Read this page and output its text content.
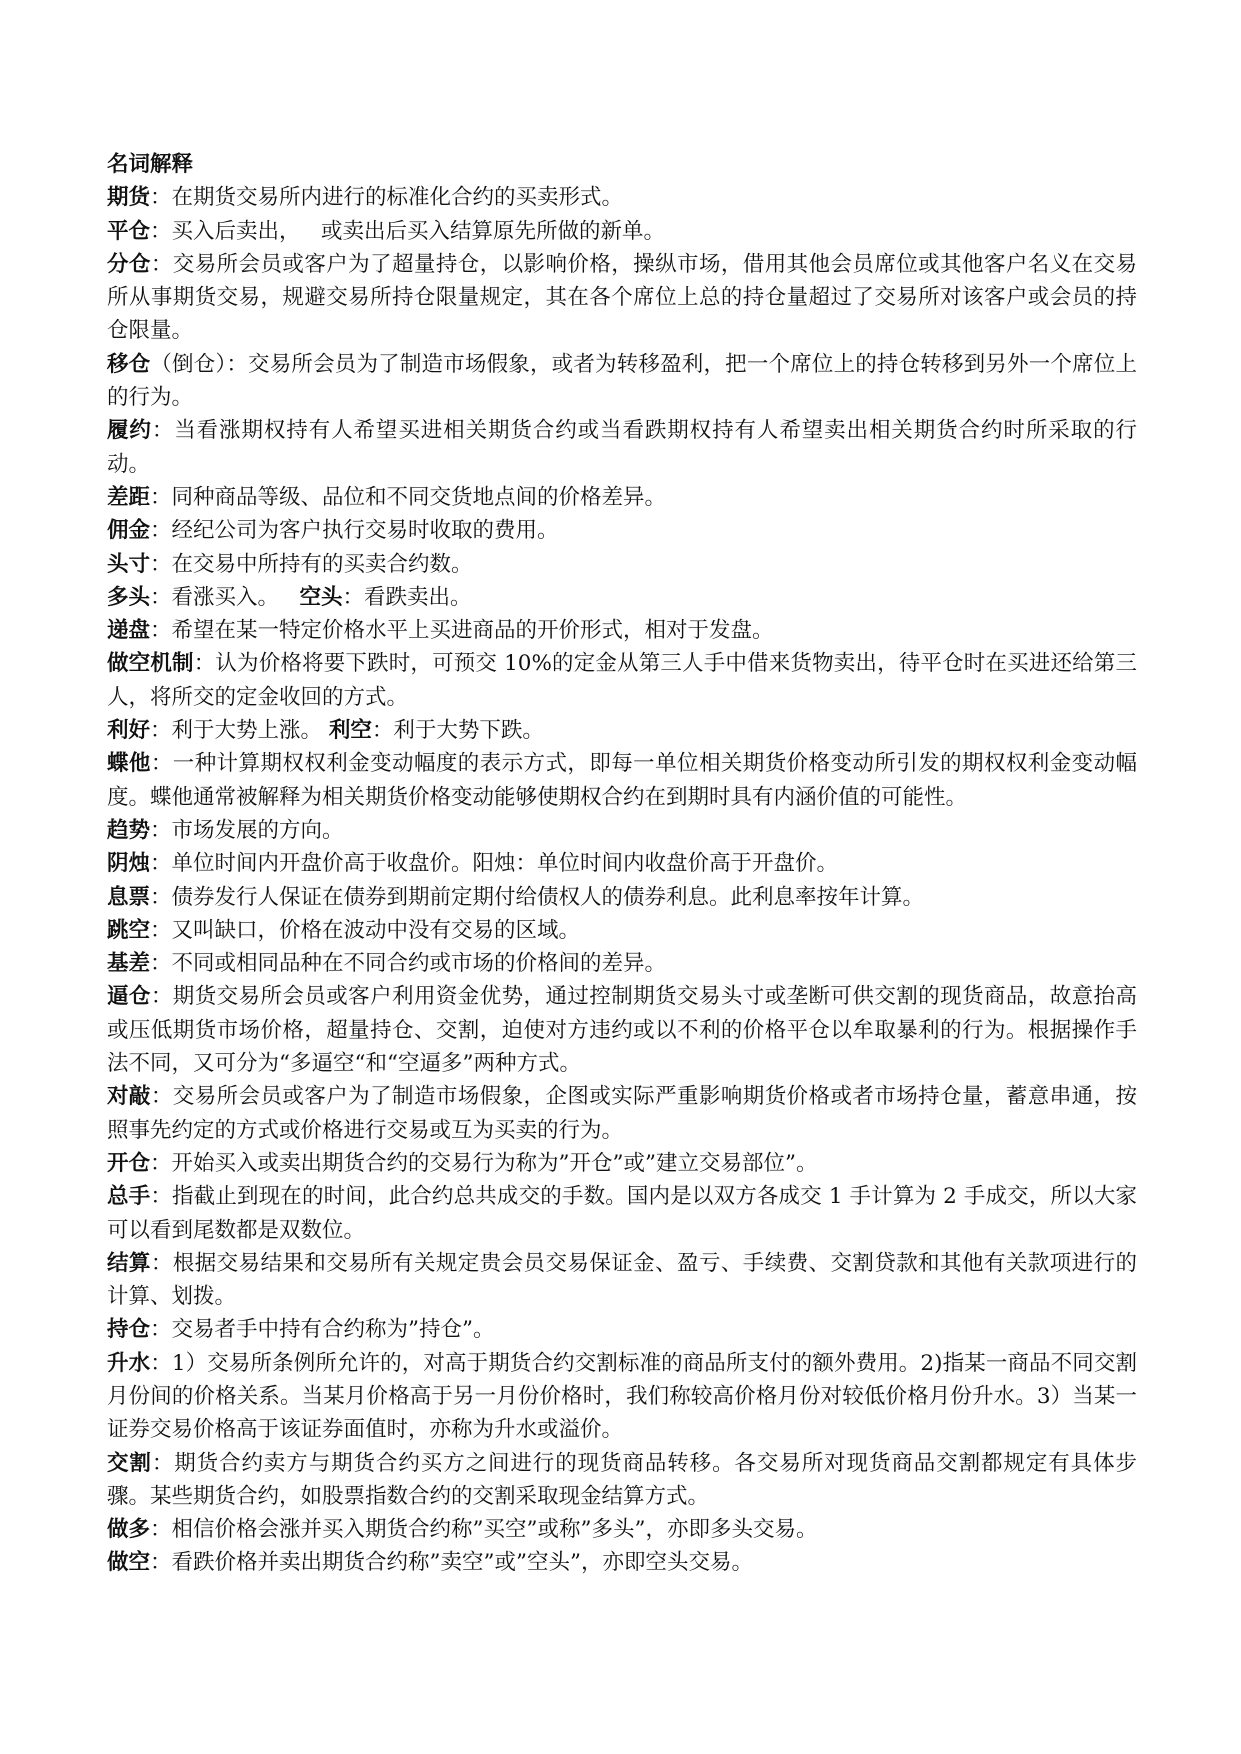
名词解释

期货：在期货交易所内进行的标准化合约的买卖形式。

平仓：买入后卖出，   或卖出后买入结算原先所做的新单。

分仓：交易所会员或客户为了超量持仓，以影响价格，操纵市场，借用其他会员席位或其他客户名义在交易所从事期货交易，规避交易所持仓限量规定，其在各个席位上总的持仓量超过了交易所对该客户或会员的持仓限量。

移仓（倒仓）：交易所会员为了制造市场假象，或者为转移盈利，把一个席位上的持仓转移到另外一个席位上的行为。

履约：当看涨期权持有人希望买进相关期货合约或当看跌期权持有人希望卖出相关期货合约时所采取的行动。

差距：同种商品等级、品位和不同交货地点间的价格差异。

佣金：经纪公司为客户执行交易时收取的费用。

头寸：在交易中所持有的买卖合约数。

多头：看涨买入。   空头：看跌卖出。

递盘：希望在某一特定价格水平上买进商品的开价形式，相对于发盘。

做空机制：认为价格将要下跌时，可预交 10%的定金从第三人手中借来货物卖出，待平仓时在买进还给第三人，将所交的定金收回的方式。

利好：利于大势上涨。 利空：利于大势下跌。

蝶他：一种计算期权权利金变动幅度的表示方式，即每一单位相关期货价格变动所引发的期权权利金变动幅度。蝶他通常被解释为相关期货价格变动能够使期权合约在到期时具有内涵价值的可能性。

趋势：市场发展的方向。

阴烛：单位时间内开盘价高于收盘价。阳烛：单位时间内收盘价高于开盘价。

息票：债券发行人保证在债券到期前定期付给债权人的债券利息。此利息率按年计算。

跳空：又叫缺口，价格在波动中没有交易的区域。

基差：不同或相同品种在不同合约或市场的价格间的差异。

逼仓：期货交易所会员或客户利用资金优势，通过控制期货交易头寸或垄断可供交割的现货商品，故意抬高或压低期货市场价格，超量持仓、交割，迫使对方违约或以不利的价格平仓以牟取暴利的行为。根据操作手法不同，又可分为“多逼空“和“空逼多”两种方式。

对敲：交易所会员或客户为了制造市场假象，企图或实际严重影响期货价格或者市场持仓量，蓄意串通，按照事先约定的方式或价格进行交易或互为买卖的行为。

开仓：开始买入或卖出期货合约的交易行为称为”开仓”或”建立交易部位”。

总手：指截止到现在的时间，此合约总共成交的手数。国内是以双方各成交 1 手计算为 2 手成交，所以大家可以看到尾数都是双数位。

结算：根据交易结果和交易所有关规定贵会员交易保证金、盈亏、手续费、交割贷款和其他有关款项进行的计算、划拨。

持仓：交易者手中持有合约称为”持仓”。

升水：1）交易所条例所允许的，对高于期货合约交割标准的商品所支付的额外费用。2)指某一商品不同交割月份间的价格关系。当某月价格高于另一月份价格时，我们称较高价格月份对较低价格月份升水。3）当某一证券交易价格高于该证券面值时，亦称为升水或溢价。

交割：期货合约卖方与期货合约买方之间进行的现货商品转移。各交易所对现货商品交割都规定有具体步骤。某些期货合约，如股票指数合约的交割采取现金结算方式。

做多：相信价格会涨并买入期货合约称”买空”或称”多头”，亦即多头交易。

做空：看跌价格并卖出期货合约称”卖空”或”空头”，亦即空头交易。
